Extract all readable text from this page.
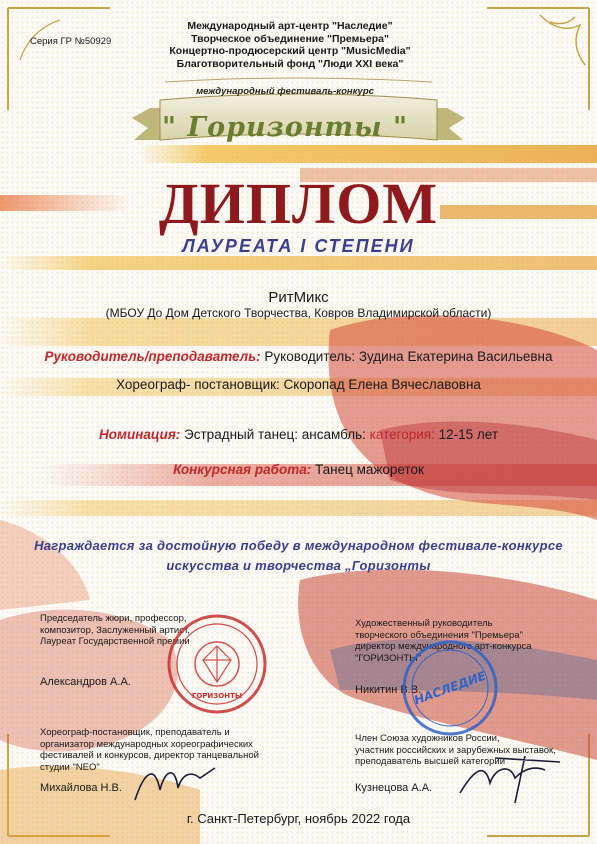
Серия ГР №50929
Международный арт-центр "Наследие"
Творческое объединение "Премьера"
Концертно-продюсерский центр "MusicMedia"
Благотворительный фонд "Люди XXI века"
международный фестиваль-конкурс
" Горизонты "
ДИПЛОМ
ЛАУРЕАТА I СТЕПЕНИ
РитМикс
(МБОУ До Дом Детского Творчества, Ковров Владимирской области)
Руководитель/преподаватель: Руководитель: Зудина Екатерина Васильевна
Хореограф- постановщик: Скоропад Елена Вячеславовна
Номинация: Эстрадный танец: ансамбль: категория: 12-15 лет
Конкурсная работа: Танец мажореток
Награждается за достойную победу в международном фестивале-конкурсе
искусства и творчества „Горизонты
Председатель жюри, профессор,
композитор, Заслуженный артист,
Лауреат Государственной премии
Александров А.А.
Художественный руководитель
творческого объединения "Премьера"
директор международного арт-конкурса
"ГОРИЗОНТЫ"
Никитин В.В.
Хореограф-постановщик, преподаватель и
организатор международных хореографических
фестивалей и конкурсов, директор танцевальной
студии "NEO"
Михайлова Н.В.
Член Союза художников России,
участник российских и зарубежных выставок,
преподаватель высшей категории
Кузнецова А.А.
ГОРИЗОНТЫ	НАСЛЕДИЕ
г. Санкт-Петербург, ноябрь 2022 года
